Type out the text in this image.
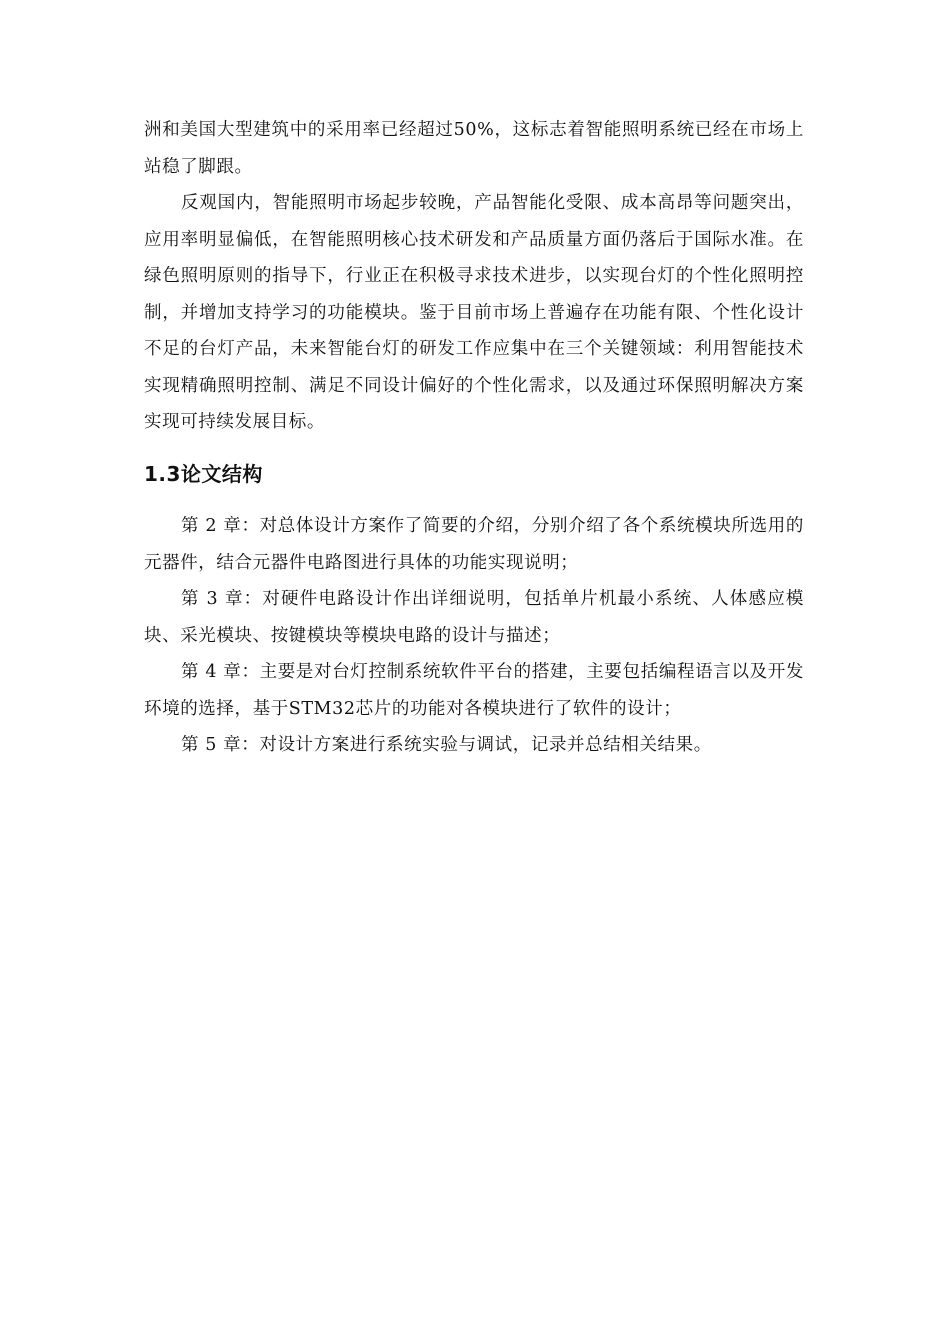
洲和美国大型建筑中的采用率已经超过50%，这标志着智能照明系统已经在市场上站稳了脚跟。

反观国内，智能照明市场起步较晚，产品智能化受限、成本高昂等问题突出，应用率明显偏低，在智能照明核心技术研发和产品质量方面仍落后于国际水准。在绿色照明原则的指导下，行业正在积极寻求技术进步，以实现台灯的个性化照明控制，并增加支持学习的功能模块。鉴于目前市场上普遍存在功能有限、个性化设计不足的台灯产品，未来智能台灯的研发工作应集中在三个关键领域：利用智能技术实现精确照明控制、满足不同设计偏好的个性化需求，以及通过环保照明解决方案实现可持续发展目标。

1.3论文结构

第 2 章：对总体设计方案作了简要的介绍，分别介绍了各个系统模块所选用的元器件，结合元器件电路图进行具体的功能实现说明；

第 3 章：对硬件电路设计作出详细说明，包括单片机最小系统、人体感应模块、采光模块、按键模块等模块电路的设计与描述；

第 4 章：主要是对台灯控制系统软件平台的搭建，主要包括编程语言以及开发环境的选择，基于STM32芯片的功能对各模块进行了软件的设计；

第 5 章：对设计方案进行系统实验与调试，记录并总结相关结果。
